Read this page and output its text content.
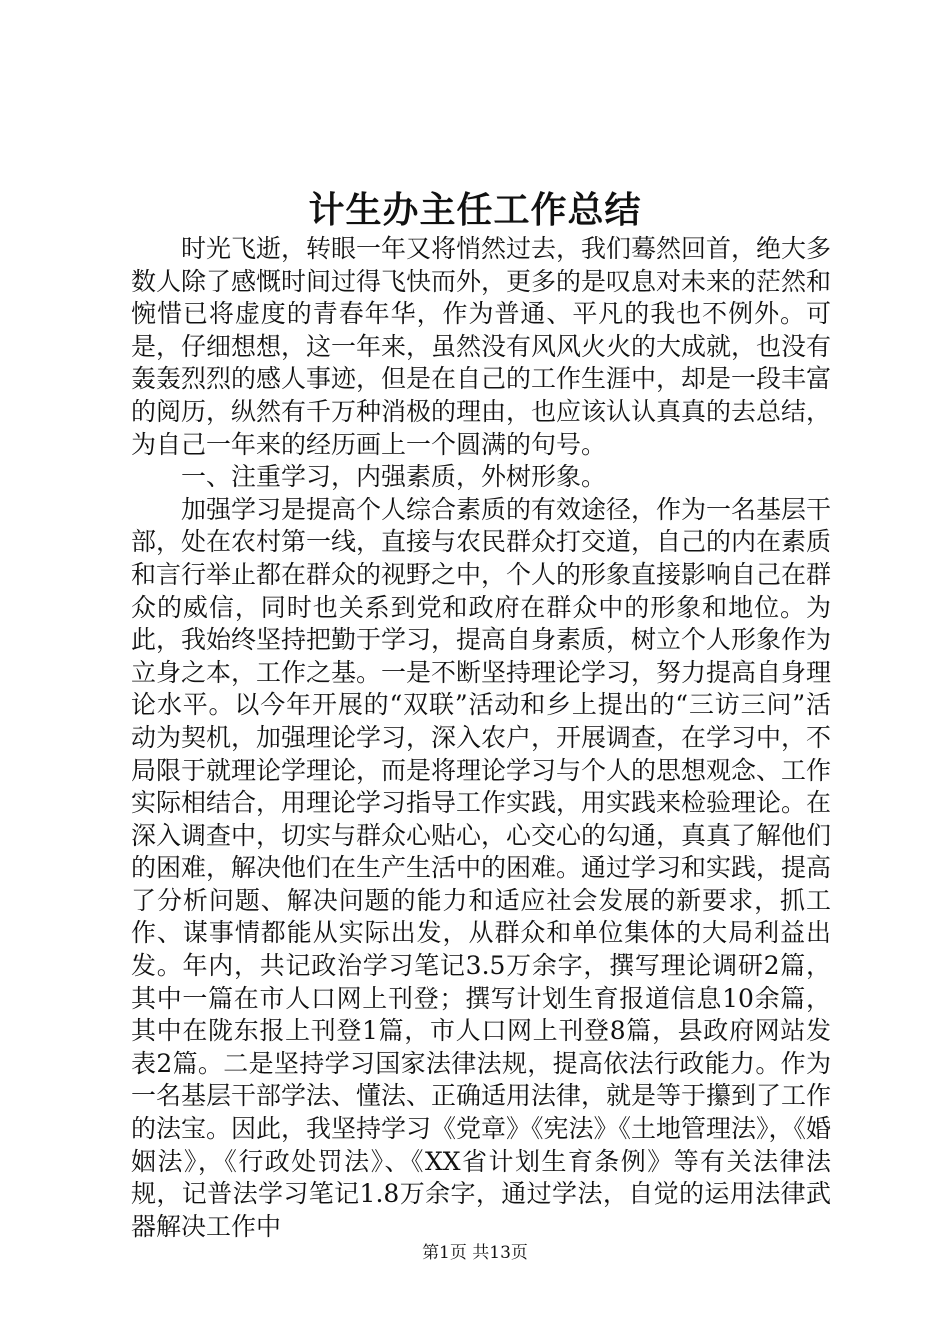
计生办主任工作总结

时光飞逝，转眼一年又将悄然过去，我们蓦然回首，绝大多数人除了感慨时间过得飞快而外，更多的是叹息对未来的茫然和惋惜已将虚度的青春年华，作为普通、平凡的我也不例外。可是，仔细想想，这一年来，虽然没有风风火火的大成就，也没有轰轰烈烈的感人事迹，但是在自己的工作生涯中，却是一段丰富的阅历，纵然有千万种消极的理由，也应该认认真真的去总结，为自己一年来的经历画上一个圆满的句号。

一、注重学习，内强素质，外树形象。

加强学习是提高个人综合素质的有效途径，作为一名基层干部，处在农村第一线，直接与农民群众打交道，自己的内在素质和言行举止都在群众的视野之中，个人的形象直接影响自己在群众的威信，同时也关系到党和政府在群众中的形象和地位。为此，我始终坚持把勤于学习，提高自身素质，树立个人形象作为立身之本，工作之基。一是不断坚持理论学习，努力提高自身理论水平。以今年开展的“双联”活动和乡上提出的“三访三问”活动为契机，加强理论学习，深入农户，开展调查，在学习中，不局限于就理论学理论，而是将理论学习与个人的思想观念、工作实际相结合，用理论学习指导工作实践，用实践来检验理论。在深入调查中，切实与群众心贴心，心交心的勾通，真真了解他们的困难，解决他们在生产生活中的困难。通过学习和实践，提高了分析问题、解决问题的能力和适应社会发展的新要求，抓工作、谋事情都能从实际出发，从群众和单位集体的大局利益出发。年内，共记政治学习笔记3.5万余字，撰写理论调研2篇，其中一篇在市人口网上刊登；撰写计划生育报道信息10余篇，其中在陇东报上刊登1篇，市人口网上刊登8篇，县政府网站发表2篇。二是坚持学习国家法律法规，提高依法行政能力。作为一名基层干部学法、懂法、正确适用法律，就是等于攥到了工作的法宝。因此，我坚持学习《党章》《宪法》《土地管理法》，《婚姻法》，《行政处罚法》、《XX省计划生育条例》等有关法律法规，记普法学习笔记1.8万余字，通过学法，自觉的运用法律武器解决工作中

第1页 共13页
